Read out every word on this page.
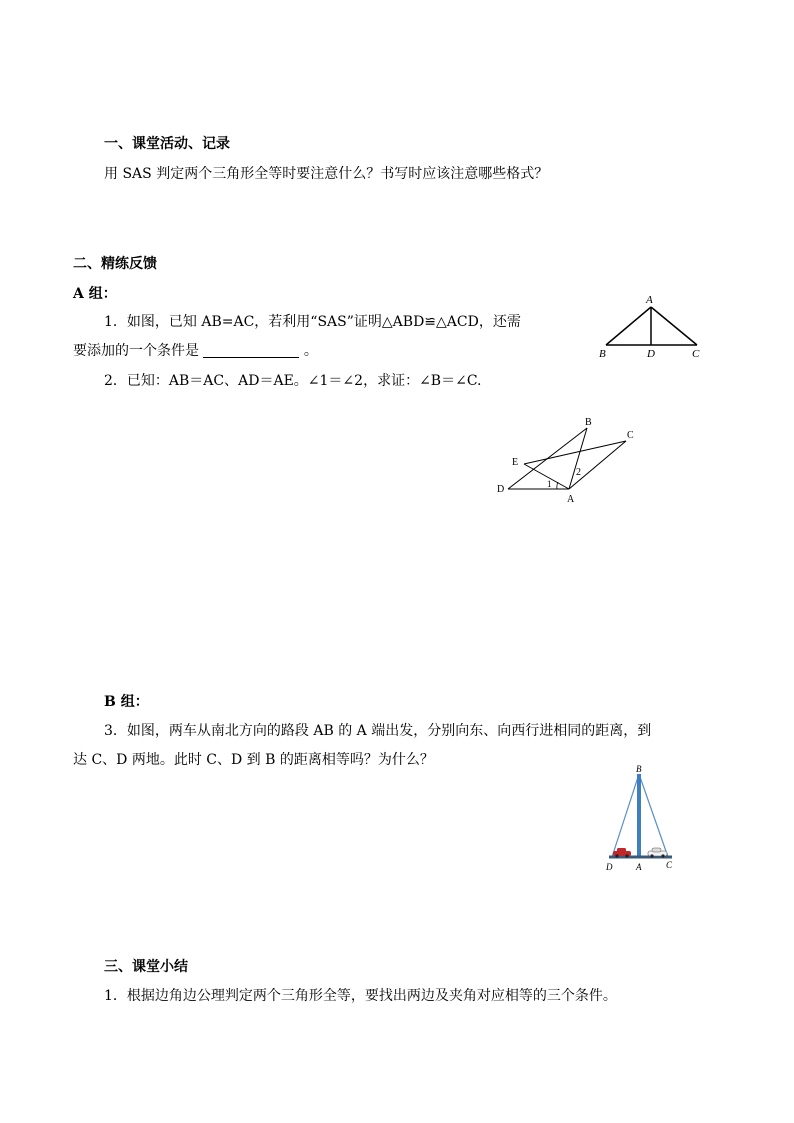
一、课堂活动、记录
用 SAS 判定两个三角形全等时要注意什么？书写时应该注意哪些格式？
二、精练反馈
A 组：
1．如图，已知 AB=AC，若利用“SAS”证明△ABD≌△ACD，还需
要添加的一个条件是	。
2．已知：AB＝AC、AD＝AE。∠1＝∠2，求证：∠B＝∠C.
A
B	D	C
B
C
E
D
A
1
2
B 组：
3．如图，两车从南北方向的路段 AB 的 A 端出发，分别向东、向西行进相同的距离，到
达 C、D 两地。此时 C、D 到 B 的距离相等吗？为什么？
B
D	A	C
三、课堂小结
1．根据边角边公理判定两个三角形全等，要找出两边及夹角对应相等的三个条件。
